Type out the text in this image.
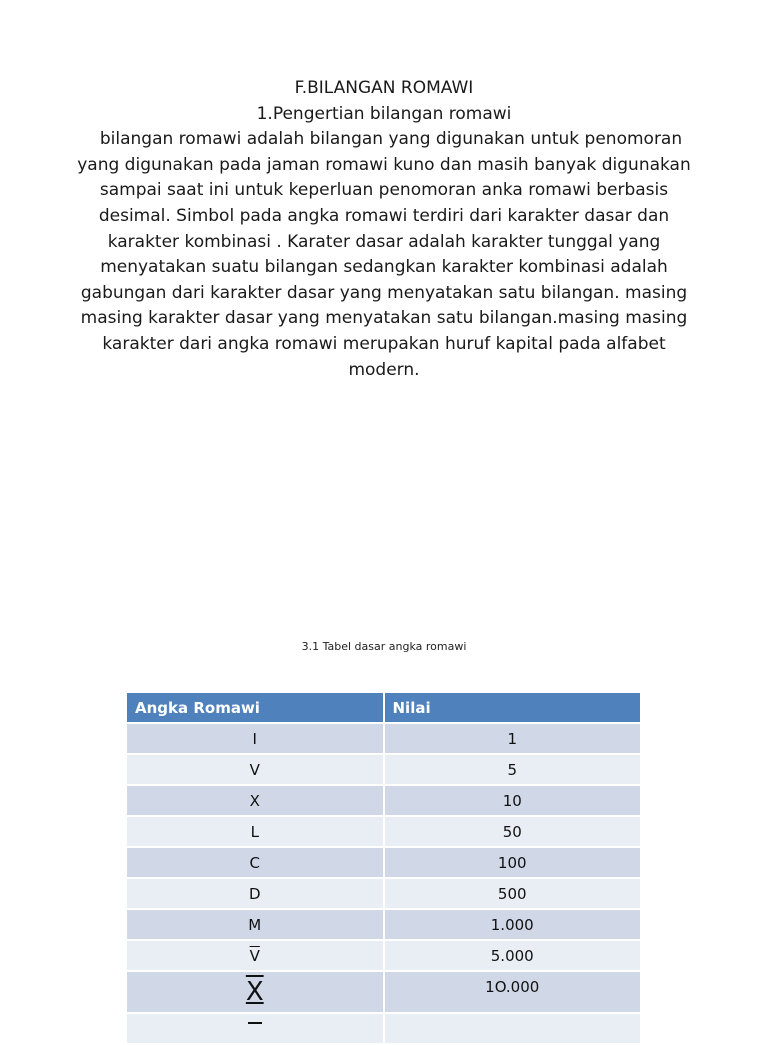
F.BILANGAN ROMAWI
1.Pengertian bilangan romawi
bilangan romawi adalah bilangan yang digunakan untuk penomoran
yang digunakan pada jaman romawi kuno dan masih banyak digunakan
sampai saat ini untuk keperluan penomoran anka romawi berbasis
desimal. Simbol pada angka romawi terdiri dari karakter dasar dan
karakter kombinasi . Karater dasar adalah karakter tunggal yang
menyatakan suatu bilangan sedangkan karakter kombinasi adalah
gabungan dari karakter dasar yang menyatakan satu bilangan. masing
masing karakter dasar yang menyatakan satu bilangan.masing masing
karakter dari angka romawi merupakan huruf kapital pada alfabet
modern.
3.1 Tabel dasar angka romawi
Angka Romawi	Nilai
I	1
V	5
X	10
L	50
C	100
D	500
M	1.000
$\overline{V}$	5.000
X	1O.000
